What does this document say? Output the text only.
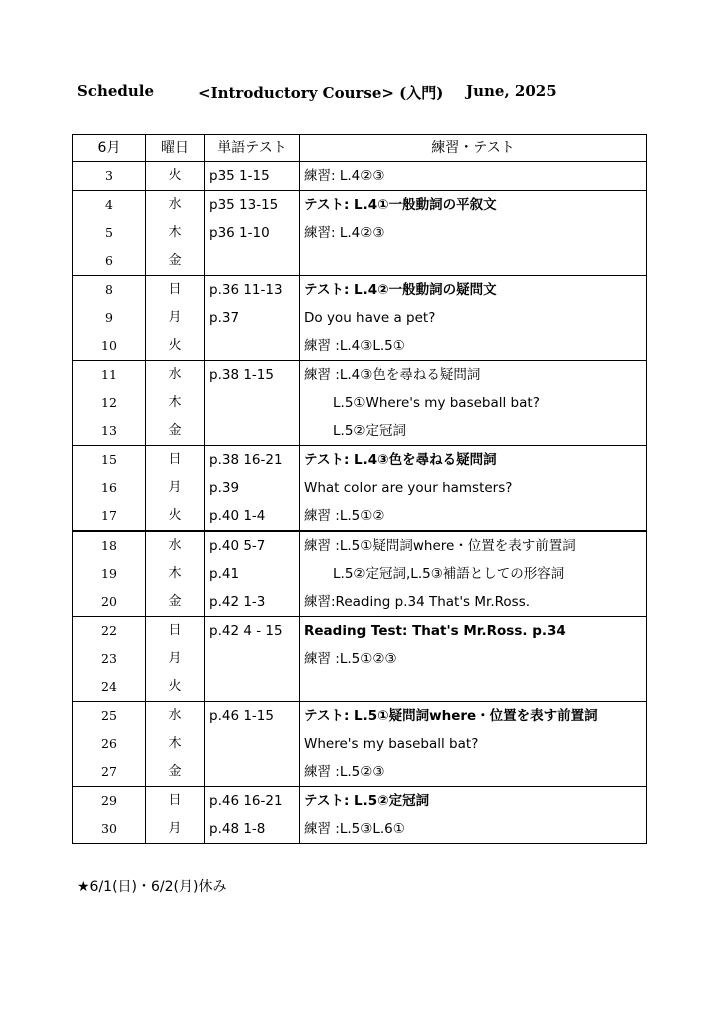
Schedule	<Introductory Course> (入門) June, 2025
6月	曜日	単語テスト	練習・テスト
3	火	p35 1-15	練習: L.4②③
4	水	p35 13-15	テスト: L.4①一般動詞の平叙文
5	木	p36 1-10	練習: L.4②③
6	金		
8	日	p.36 11-13	テスト: L.4②一般動詞の疑問文
9	月	p.37	Do you have a pet?
10	火		練習 :L.4③L.5①
11	水	p.38 1-15	練習 :L.4③色を尋ねる疑問詞
12	木		L.5①Where's my baseball bat?
13	金		L.5②定冠詞
15	日	p.38 16-21	テスト: L.4③色を尋ねる疑問詞
16	月	p.39	What color are your hamsters?
17	火	p.40 1-4	練習 :L.5①②
18	水	p.40 5-7	練習 :L.5①疑問詞where・位置を表す前置詞
19	木	p.41	L.5②定冠詞,L.5③補語としての形容詞
20	金	p.42 1-3	練習:Reading p.34 That's Mr.Ross.
22	日	p.42 4 - 15	Reading Test: That's Mr.Ross. p.34
23	月		練習 :L.5①②③
24	火		
25	水	p.46 1-15	テスト: L.5①疑問詞where・位置を表す前置詞
26	木		Where's my baseball bat?
27	金		練習 :L.5②③
29	日	p.46 16-21	テスト: L.5②定冠詞
30	月	p.48 1-8	練習 :L.5③L.6①
★6/1(日)・6/2(月)休み
